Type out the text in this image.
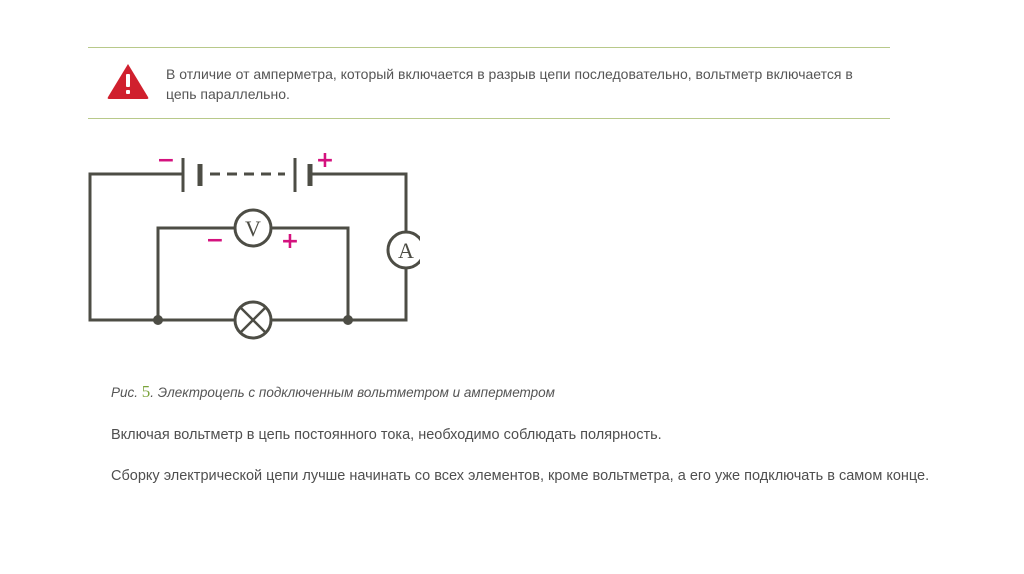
В отличие от амперметра, который включается в разрыв цепи последовательно, вольтметр включается в цепь параллельно.
V
A
−	+
−	+
Рис. 5. Электроцепь с подключенным вольтметром и амперметром
Включая вольтметр в цепь постоянного тока, необходимо соблюдать полярность.
Сборку электрической цепи лучше начинать со всех элементов, кроме вольтметра, а его уже подключать в самом конце.
